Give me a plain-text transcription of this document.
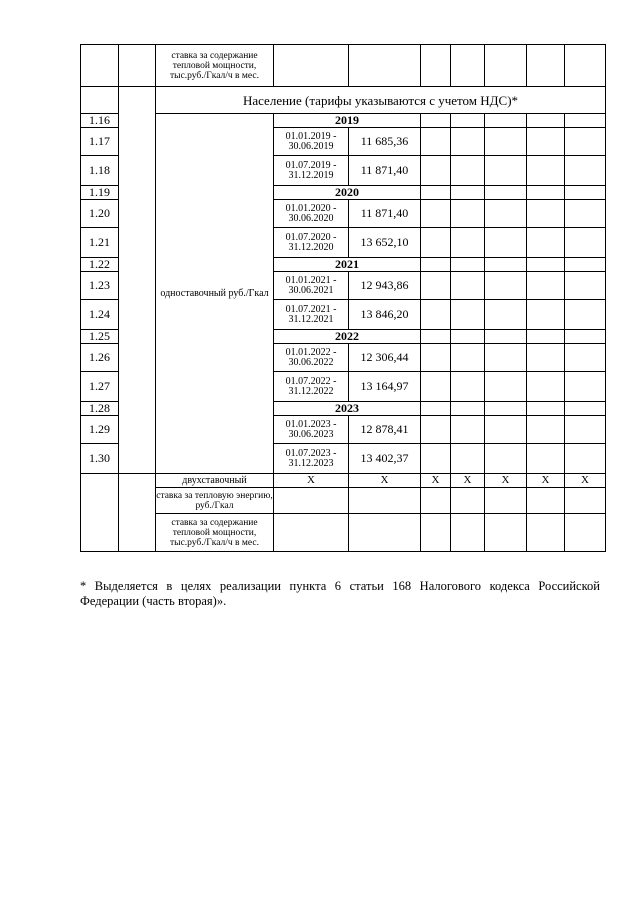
		ставка за содержание тепловой мощности, тыс.руб./Гкал/ч в мес.							
		Население (тарифы указываются с учетом НДС)*							
1.16		одноставочный руб./Гкал	2019						
1.17			01.01.2019 - 30.06.2019	11 685,36					
1.18			01.07.2019 - 31.12.2019	11 871,40					
1.19			2020						
1.20			01.01.2020 - 30.06.2020	11 871,40					
1.21			01.07.2020 - 31.12.2020	13 652,10					
1.22			2021						
1.23			01.01.2021 - 30.06.2021	12 943,86					
1.24			01.07.2021 - 31.12.2021	13 846,20					
1.25			2022						
1.26			01.01.2022 - 30.06.2022	12 306,44					
1.27			01.07.2022 - 31.12.2022	13 164,97					
1.28			2023						
1.29			01.01.2023 - 30.06.2023	12 878,41					
1.30			01.07.2023 - 31.12.2023	13 402,37					
		двухставочный	X	X	X	X	X	X	X
		ставка за тепловую энергию, руб./Гкал							
		ставка за содержание тепловой мощности, тыс.руб./Гкал/ч в мес.							
* Выделяется в целях реализации пункта 6 статьи 168 Налогового кодекса Российской Федерации (часть вторая)».
